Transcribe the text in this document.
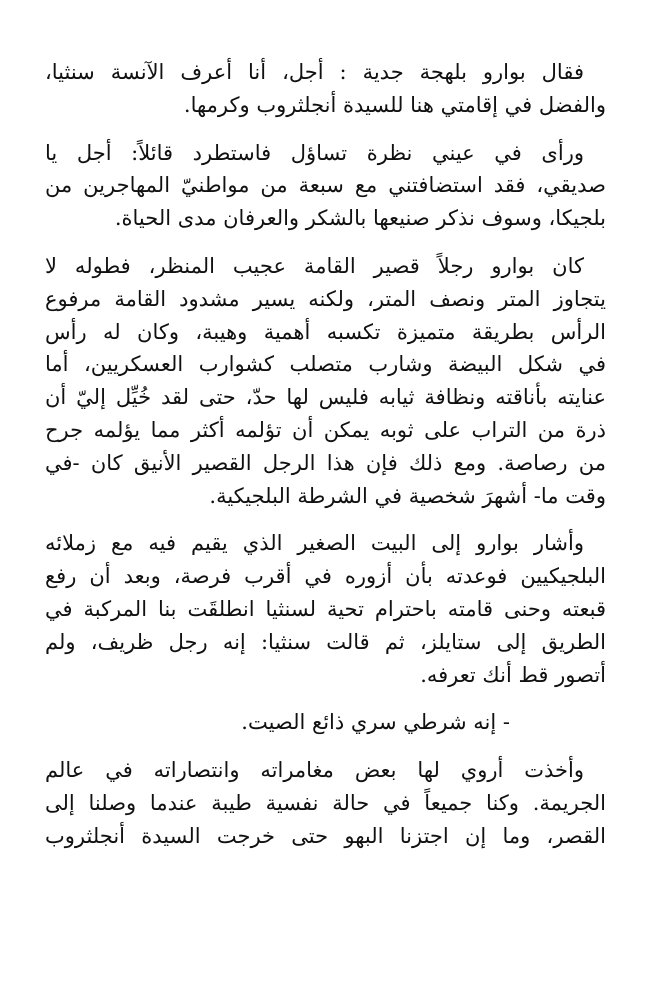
فقال بوارو بلهجة جدية : أجل، أنا أعرف الآنسة سنثيا،
والفضل في إقامتي هنا للسيدة أنجلثروب وكرمها.

ورأى في عيني نظرة تساؤل فاستطرد قائلاً: أجل يا
صديقي، فقد استضافتني مع سبعة من مواطنيّ المهاجرين من
بلجيكا، وسوف نذكر صنيعها بالشكر والعرفان مدى الحياة.

كان بوارو رجلاً قصير القامة عجيب المنظر، فطوله لا
يتجاوز المتر ونصف المتر، ولكنه يسير مشدود القامة مرفوع
الرأس بطريقة متميزة تكسبه أهمية وهيبة، وكان له رأس
في شكل البيضة وشارب متصلب كشوارب العسكريين، أما
عنايته بأناقته ونظافة ثيابه فليس لها حدّ، حتى لقد خُيِّل إليّ أن
ذرة من التراب على ثوبه يمكن أن تؤلمه أكثر مما يؤلمه جرح
من رصاصة. ومع ذلك فإن هذا الرجل القصير الأنيق كان -في
وقت ما- أشهرَ شخصية في الشرطة البلجيكية.

وأشار بوارو إلى البيت الصغير الذي يقيم فيه مع زملائه
البلجيكيين فوعدته بأن أزوره في أقرب فرصة، وبعد أن رفع
قبعته وحنى قامته باحترام تحية لسنثيا انطلقَت بنا المركبة في
الطريق إلى ستايلز، ثم قالت سنثيا: إنه رجل ظريف، ولم
أتصور قط أنك تعرفه.

- إنه شرطي سري ذائع الصيت.

وأخذت أروي لها بعض مغامراته وانتصاراته في عالم
الجريمة. وكنا جميعاً في حالة نفسية طيبة عندما وصلنا إلى
القصر، وما إن اجتزنا البهو حتى خرجت السيدة أنجلثروب
